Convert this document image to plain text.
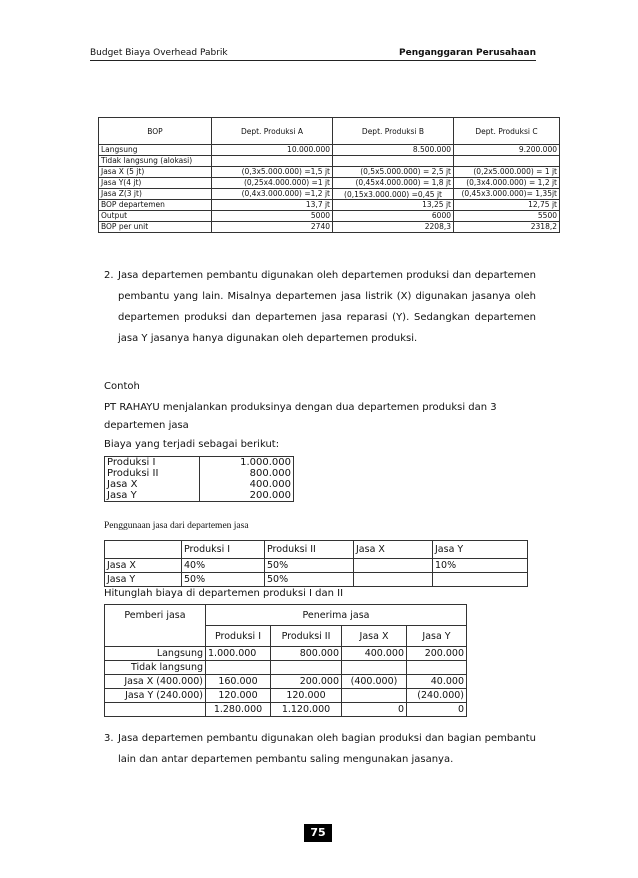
Budget Biaya Overhead Pabrik	Penganggaran Perusahaan
BOP	Dept. Produksi A	Dept. Produksi B	Dept. Produksi C
Langsung	10.000.000	8.500.000	9.200.000
Tidak langsung (alokasi)			
Jasa X (5 jt)	(0,3x5.000.000) =1,5 jt	(0,5x5.000.000) = 2,5 jt	(0,2x5.000.000) = 1 jt
Jasa Y(4 jt)	(0,25x4.000.000) =1 jt	(0,45x4.000.000) = 1,8 jt	(0,3x4.000.000) = 1,2 jt
Jasa Z(3 jt)	(0,4x3.000.000) =1,2 jt	(0,15x3.000.000) =0,45 jt	(0,45x3.000.000)= 1,35jt
BOP departemen	13,7 jt	13,25 jt	12,75 jt
Output	5000	6000	5500
BOP per unit	2740	2208,3	2318,2
2. Jasa departemen pembantu digunakan oleh departemen produksi dan departemen pembantu yang lain. Misalnya departemen jasa listrik (X) digunakan jasanya oleh departemen produksi dan departemen jasa reparasi (Y). Sedangkan departemen jasa Y jasanya hanya digunakan oleh departemen produksi.
Contoh
PT RAHAYU menjalankan produksinya dengan dua departemen produksi dan 3
departemen jasa
Biaya yang terjadi sebagai berikut:
Produksi I	1.000.000
Produksi II	800.000
Jasa X	400.000
Jasa Y	200.000
Penggunaan jasa dari departemen jasa
	Produksi I	Produksi II	Jasa X	Jasa Y
Jasa X	40%	50%		10%
Jasa Y	50%	50%		
Hitunglah biaya di departemen produksi I dan II
Pemberi jasa	Penerima jasa			
	Produksi I	Produksi II	Jasa X	Jasa Y
Langsung	1.000.000	800.000	400.000	200.000
Tidak langsung				
Jasa X (400.000)	160.000	200.000	(400.000)	40.000
Jasa Y (240.000)	120.000	120.000		(240.000)
	1.280.000	1.120.000	0	0
3. Jasa departemen pembantu digunakan oleh bagian produksi dan bagian pembantu lain dan antar departemen pembantu saling mengunakan jasanya.
75
